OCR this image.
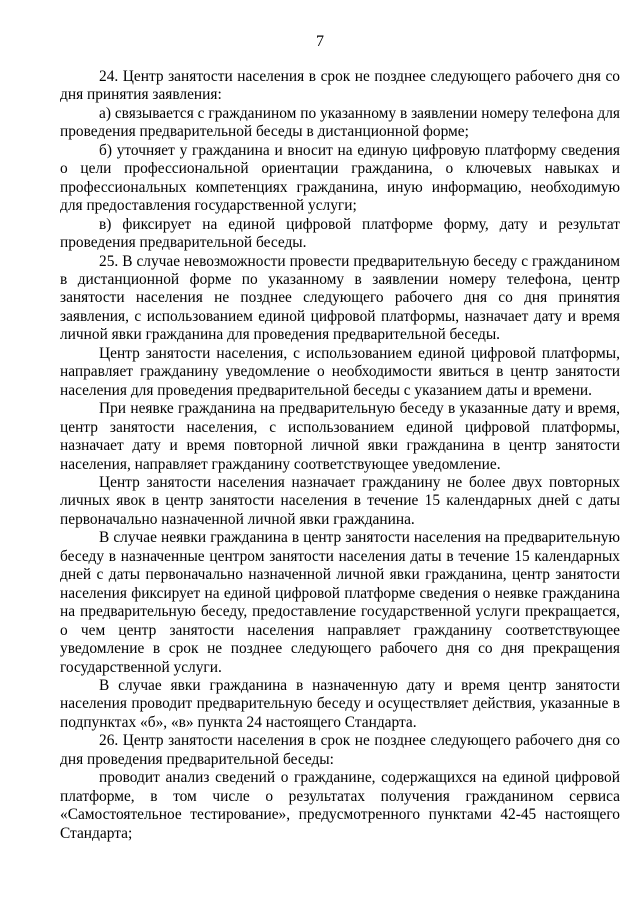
7

24. Центр занятости населения в срок не позднее следующего рабочего дня со дня принятия заявления:

а) связывается с гражданином по указанному в заявлении номеру телефона для проведения предварительной беседы в дистанционной форме;

б) уточняет у гражданина и вносит на единую цифровую платформу сведения о цели профессиональной ориентации гражданина, о ключевых навыках и профессиональных компетенциях гражданина, иную информацию, необходимую для предоставления государственной услуги;

в) фиксирует на единой цифровой платформе форму, дату и результат проведения предварительной беседы.

25. В случае невозможности провести предварительную беседу с гражданином в дистанционной форме по указанному в заявлении номеру телефона, центр занятости населения не позднее следующего рабочего дня со дня принятия заявления, с использованием единой цифровой платформы, назначает дату и время личной явки гражданина для проведения предварительной беседы.

Центр занятости населения, с использованием единой цифровой платформы, направляет гражданину уведомление о необходимости явиться в центр занятости населения для проведения предварительной беседы с указанием даты и времени.

При неявке гражданина на предварительную беседу в указанные дату и время, центр занятости населения, с использованием единой цифровой платформы, назначает дату и время повторной личной явки гражданина в центр занятости населения, направляет гражданину соответствующее уведомление.

Центр занятости населения назначает гражданину не более двух повторных личных явок в центр занятости населения в течение 15 календарных дней с даты первоначально назначенной личной явки гражданина.

В случае неявки гражданина в центр занятости населения на предварительную беседу в назначенные центром занятости населения даты в течение 15 календарных дней с даты первоначально назначенной личной явки гражданина, центр занятости населения фиксирует на единой цифровой платформе сведения о неявке гражданина на предварительную беседу, предоставление государственной услуги прекращается, о чем центр занятости населения направляет гражданину соответствующее уведомление в срок не позднее следующего рабочего дня со дня прекращения государственной услуги.

В случае явки гражданина в назначенную дату и время центр занятости населения проводит предварительную беседу и осуществляет действия, указанные в подпунктах «б», «в» пункта 24 настоящего Стандарта.

26. Центр занятости населения в срок не позднее следующего рабочего дня со дня проведения предварительной беседы:

проводит анализ сведений о гражданине, содержащихся на единой цифровой платформе, в том числе о результатах получения гражданином сервиса «Самостоятельное тестирование», предусмотренного пунктами 42-45 настоящего Стандарта;
